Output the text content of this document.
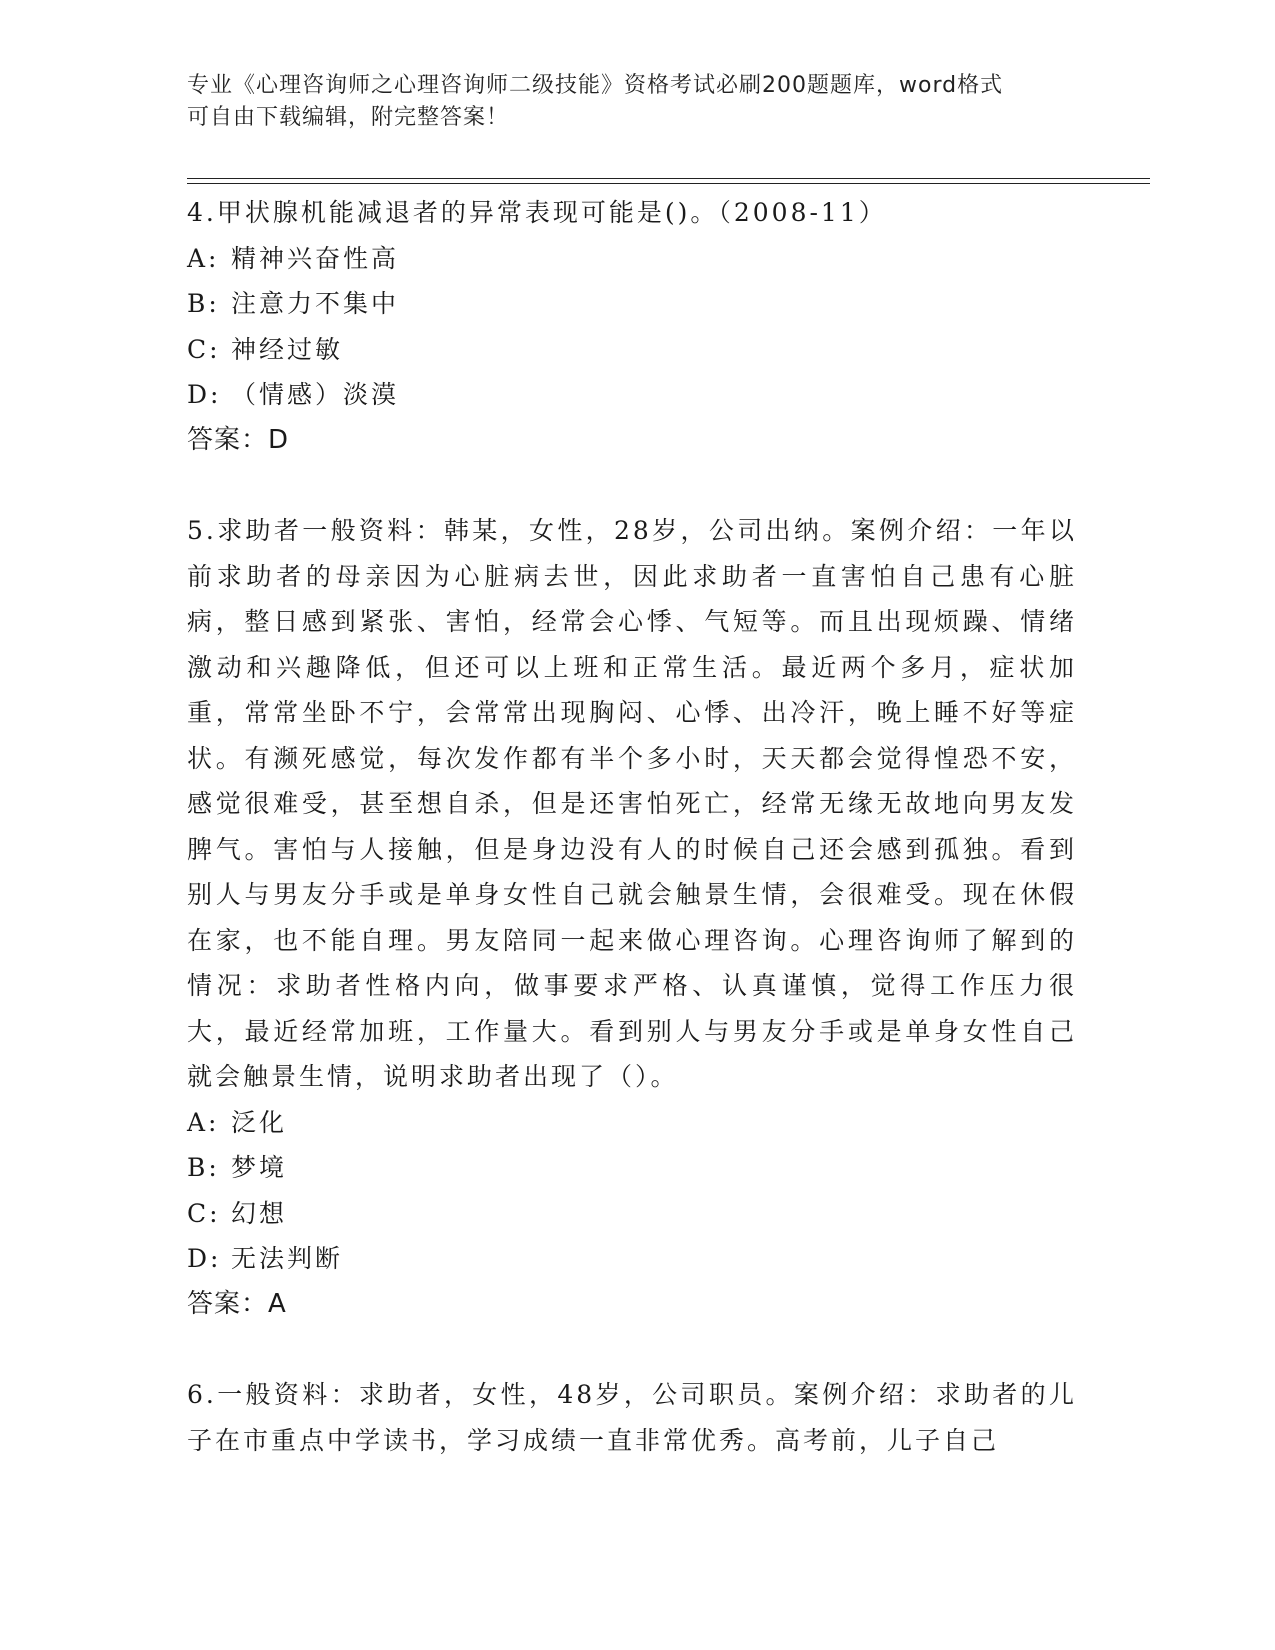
专业《心理咨询师之心理咨询师二级技能》资格考试必刷200题题库，word格式
可自由下载编辑，附完整答案！

4.甲状腺机能减退者的异常表现可能是()。（2008-11）

A: 精神兴奋性高

B: 注意力不集中

C: 神经过敏

D: （情感）淡漠

答案：D

5.求助者一般资料：韩某，女性，28岁，公司出纳。案例介绍：一年以前求助者的母亲因为心脏病去世，因此求助者一直害怕自己患有心脏病，整日感到紧张、害怕，经常会心悸、气短等。而且出现烦躁、情绪激动和兴趣降低，但还可以上班和正常生活。最近两个多月，症状加重，常常坐卧不宁，会常常出现胸闷、心悸、出冷汗，晚上睡不好等症状。有濒死感觉，每次发作都有半个多小时，天天都会觉得惶恐不安，感觉很难受，甚至想自杀，但是还害怕死亡，经常无缘无故地向男友发脾气。害怕与人接触，但是身边没有人的时候自己还会感到孤独。看到别人与男友分手或是单身女性自己就会触景生情，会很难受。现在休假在家，也不能自理。男友陪同一起来做心理咨询。心理咨询师了解到的情况：求助者性格内向，做事要求严格、认真谨慎，觉得工作压力很大，最近经常加班，工作量大。看到别人与男友分手或是单身女性自己就会触景生情，说明求助者出现了（）。

A: 泛化

B: 梦境

C: 幻想

D: 无法判断

答案：A

6.一般资料：求助者，女性，48岁，公司职员。案例介绍：求助者的儿子在市重点中学读书，学习成绩一直非常优秀。高考前，儿子自己
